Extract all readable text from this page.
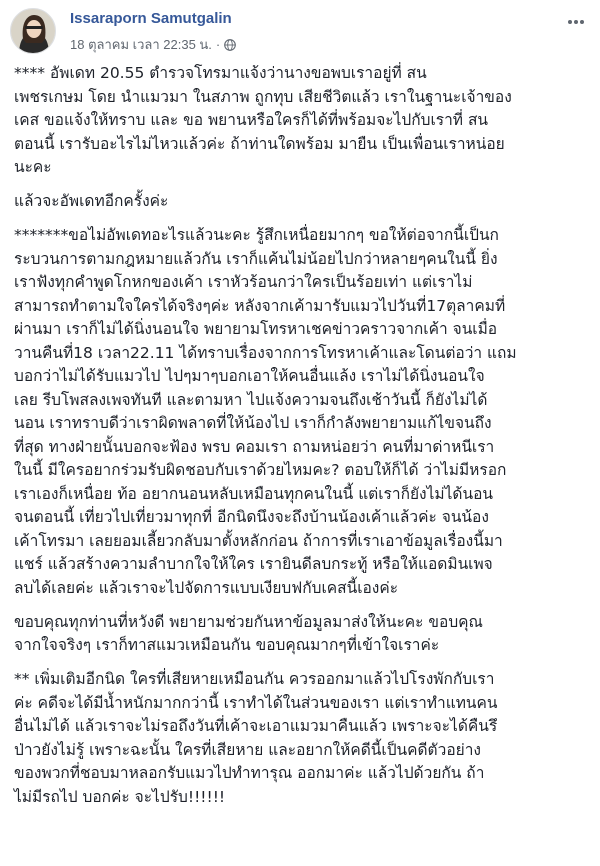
Issaraporn Samutgalin
18 ตุลาคม เวลา 22:35 น. ·
**** อัพเดท 20.55 ตำรวจโทรมาแจ้งว่านางขอพบเราอยู่ที่ สน
เพชรเกษม โดย นำแมวมา ในสภาพ ถูกทุบ เสียชีวิตแล้ว เราในฐานะเจ้าของ
เคส ขอแจ้งให้ทราบ และ ขอ พยานหรือใครก็ได้ที่พร้อมจะไปกับเราที่ สน
ตอนนี้ เรารับอะไรไม่ไหวแล้วค่ะ ถ้าท่านใดพร้อม มายืน เป็นเพื่อนเราหน่อย
นะคะ
แล้วจะอัพเดทอีกครั้งค่ะ
*******ขอไม่อัพเดทอะไรแล้วนะคะ รู้สึกเหนื่อยมากๆ ขอให้ต่อจากนี้เป็นก
ระบวนการตามกฎหมายแล้วกัน เราก็แค้นไม่น้อยไปกว่าหลายๆคนในนี้ ยิ่ง
เราฟังทุกคำพูดโกหกของเค้า เราหัวร้อนกว่าใครเป็นร้อยเท่า แต่เราไม่
สามารถทำตามใจใครได้จริงๆค่ะ หลังจากเค้ามารับแมวไปวันที่17ตุลาคมที่
ผ่านมา เราก็ไม่ได้นิ่งนอนใจ พยายามโทรหาเชคข่าวคราวจากเค้า จนเมื่อ
วานคืนที่18 เวลา22.11 ได้ทราบเรื่องจากการโทรหาเค้าและโดนต่อว่า แถม
บอกว่าไม่ได้รับแมวไป ไปๆมาๆบอกเอาให้คนอื่นแล้ง เราไม่ได้นิ่งนอนใจ
เลย รีบโพสลงเพจทันที และตามหา ไปแจ้งความจนถึงเช้าวันนี้ ก็ยังไม่ได้
นอน เราทราบดีว่าเราผิดพลาดที่ให้น้องไป เราก็กำลังพยายามแก้ไขจนถึง
ที่สุด ทางฝ่ายนั้นบอกจะฟ้อง พรบ คอมเรา ถามหน่อยว่า คนที่มาด่าหนีเรา
ในนี้ มีใครอยากร่วมรับผิดชอบกับเราด้วยไหมคะ? ตอบให้ก็ได้ ว่าไม่มีหรอก
เราเองก็เหนื่อย ท้อ อยากนอนหลับเหมือนทุกคนในนี้ แต่เราก็ยังไม่ได้นอน
จนตอนนี้ เที่ยวไปเที่ยวมาทุกที่ อีกนิดนึงจะถึงบ้านน้องเค้าแล้วค่ะ จนน้อง
เค้าโทรมา เลยยอมเลี้ยวกลับมาตั้งหลักก่อน ถ้าการที่เราเอาข้อมูลเรื่องนี้มา
แชร์ แล้วสร้างความลำบากใจให้ใคร เรายินดีลบกระทู้ หรือให้แอดมินเพจ
ลบได้เลยค่ะ แล้วเราจะไปจัดการแบบเงียบฟกับเคสนี้เองค่ะ
ขอบคุณทุกท่านที่หวังดี พยายามช่วยกันหาข้อมูลมาส่งให้นะคะ ขอบคุณ
จากใจจริงๆ เราก็ทาสแมวเหมือนกัน ขอบคุณมากๆที่เข้าใจเราค่ะ
** เพิ่มเติมอีกนิด ใครที่เสียหายเหมือนกัน ควรออกมาแล้วไปโรงพักกับเรา
ค่ะ คดีจะได้มีน้ำหนักมากกว่านี้ เราทำได้ในส่วนของเรา แต่เราทำแทนคน
อื่นไม่ได้ แล้วเราจะไม่รอถึงวันที่เค้าจะเอาแมวมาคืนแล้ว เพราะจะได้คืนรึ
ป่าวยังไม่รู้ เพราะฉะนั้น ใครที่เสียหาย และอยากให้คดีนี้เป็นคดีตัวอย่าง
ของพวกที่ชอบมาหลอกรับแมวไปทำทารุณ ออกมาค่ะ แล้วไปด้วยกัน ถ้า
ไม่มีรถไป บอกค่ะ จะไปรับ!!!!!!
